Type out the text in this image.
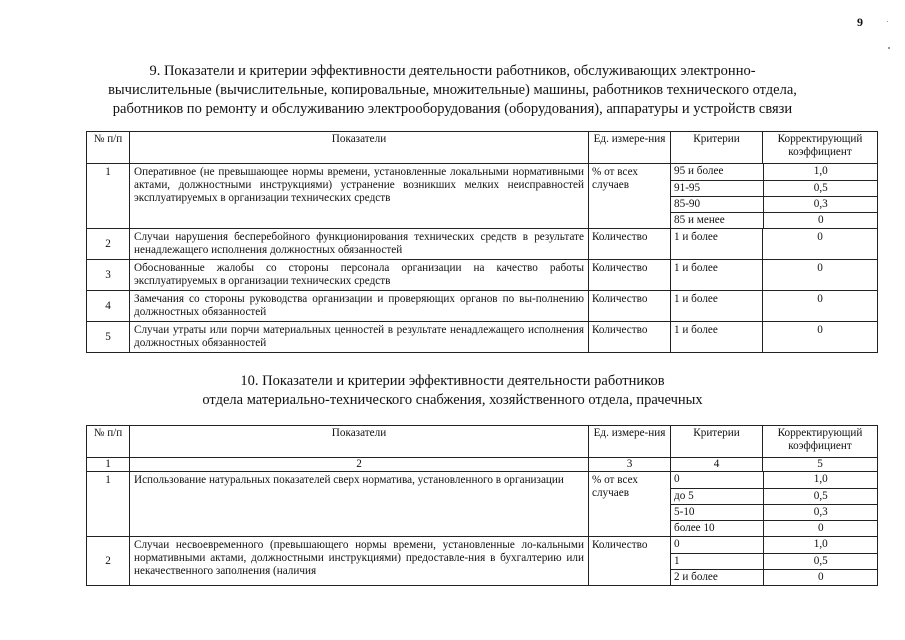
9
9. Показатели и критерии эффективности деятельности работников, обслуживающих электронно-
вычислительные (вычислительные, копировальные, множительные) машины, работников технического отдела,
работников по ремонту и обслуживанию электрооборудования (оборудования), аппаратуры и устройств связи
№ п/п	Показатели	Ед. измере-ния	Критерии	Корректирующий коэффициент
1	Оперативное (не превышающее нормы времени, установленные локальными нормативными актами, должностными инструкциями) устранение возникших мелких неисправностей эксплуатируемых в организации технических средств	% от всех случаев	
95 и более	1,0
91-95	0,5
85-90	0,3
85 и менее	0

2	Случаи нарушения бесперебойного функционирования технических средств в результате ненадлежащего исполнения должностных обязанностей	Количество	1 и более	0
3	Обоснованные жалобы со стороны персонала организации на качество работы эксплуатируемых в организации технических средств	Количество	1 и более	0
4	Замечания со стороны руководства организации и проверяющих органов по вы-полнению должностных обязанностей	Количество	1 и более	0
5	Случаи утраты или порчи материальных ценностей в результате ненадлежащего исполнения должностных обязанностей	Количество	1 и более	0
10. Показатели и критерии эффективности деятельности работников
отдела материально-технического снабжения, хозяйственного отдела, прачечных
№ п/п	Показатели	Ед. измере-ния	Критерии	Корректирующий коэффициент
1	2	3	4	5
1	Использование натуральных показателей сверх норматива, установленного в организации	% от всех случаев	
0	1,0
до 5	0,5
5-10	0,3
более 10	0

2	Случаи несвоевременного (превышающего нормы времени, установленные ло-кальными нормативными актами, должностными инструкциями) предоставле-ния в бухгалтерию или некачественного заполнения (наличия	Количество	0	1,0
1	0,5
2 и более	0
